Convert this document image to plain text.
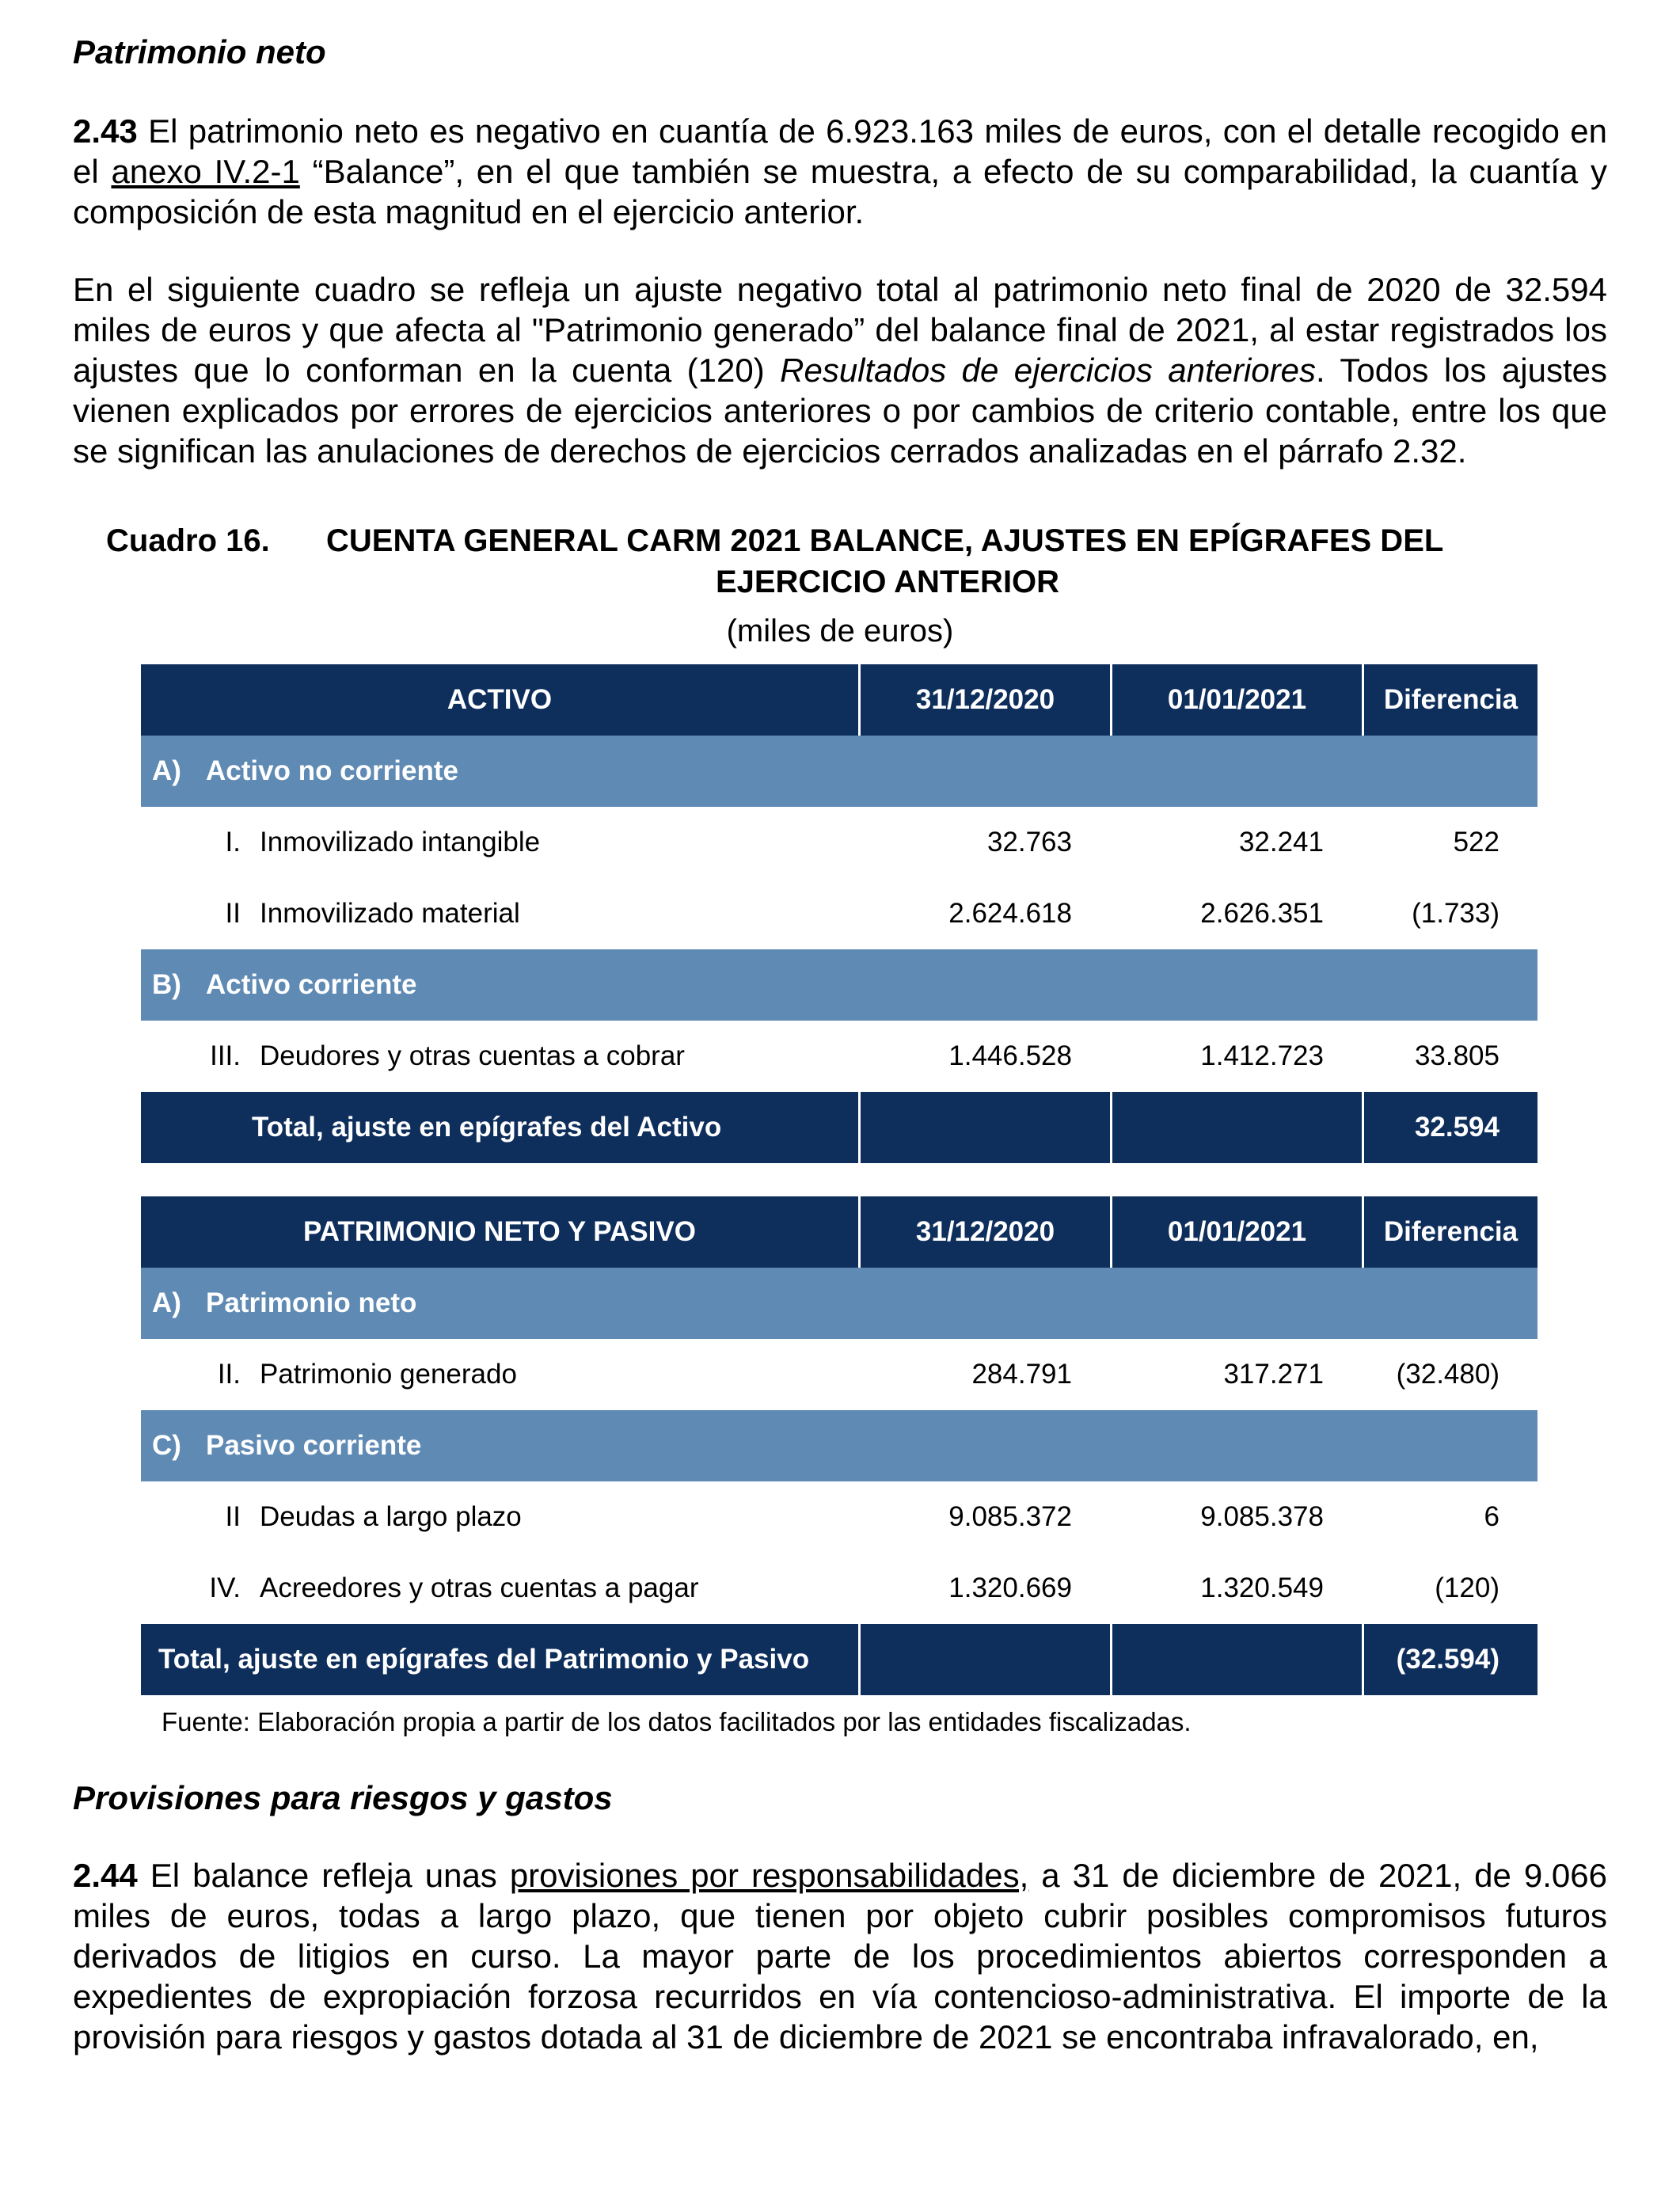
Patrimonio neto

2.43 El patrimonio neto es negativo en cuantía de 6.923.163 miles de euros, con el detalle recogido en el anexo IV.2-1 “Balance”, en el que también se muestra, a efecto de su comparabilidad, la cuantía y composición de esta magnitud en el ejercicio anterior.

En el siguiente cuadro se refleja un ajuste negativo total al patrimonio neto final de 2020 de 32.594 miles de euros y que afecta al "Patrimonio generado” del balance final de 2021, al estar registrados los ajustes que lo conforman en la cuenta (120) Resultados de ejercicios anteriores. Todos los ajustes vienen explicados por errores de ejercicios anteriores o por cambios de criterio contable, entre los que se significan las anulaciones de derechos de ejercicios cerrados analizadas en el párrafo 2.32.

Cuadro 16.	CUENTA GENERAL CARM 2021 BALANCE, AJUSTES EN EPÍGRAFES DEL

EJERCICIO ANTERIOR

(miles de euros)

ACTIVO	31/12/2020	01/01/2021	Diferencia
A) Activo no corriente			
I. Inmovilizado intangible	32.763	32.241	522
II Inmovilizado material	2.624.618	2.626.351	(1.733)
B) Activo corriente			
III. Deudores y otras cuentas a cobrar	1.446.528	1.412.723	33.805
Total, ajuste en epígrafes del Activo			32.594
PATRIMONIO NETO Y PASIVO	31/12/2020	01/01/2021	Diferencia
A) Patrimonio neto			
II. Patrimonio generado	284.791	317.271	(32.480)
C) Pasivo corriente			
II Deudas a largo plazo	9.085.372	9.085.378	6
IV. Acreedores y otras cuentas a pagar	1.320.669	1.320.549	(120)
Total, ajuste en epígrafes del Patrimonio y Pasivo			(32.594)

Fuente: Elaboración propia a partir de los datos facilitados por las entidades fiscalizadas.

Provisiones para riesgos y gastos

2.44 El balance refleja unas provisiones por responsabilidades, a 31 de diciembre de 2021, de 9.066 miles de euros, todas a largo plazo, que tienen por objeto cubrir posibles compromisos futuros derivados de litigios en curso. La mayor parte de los procedimientos abiertos corresponden a expedientes de expropiación forzosa recurridos en vía contencioso-administrativa. El importe de la provisión para riesgos y gastos dotada al 31 de diciembre de 2021 se encontraba infravalorado, en,
